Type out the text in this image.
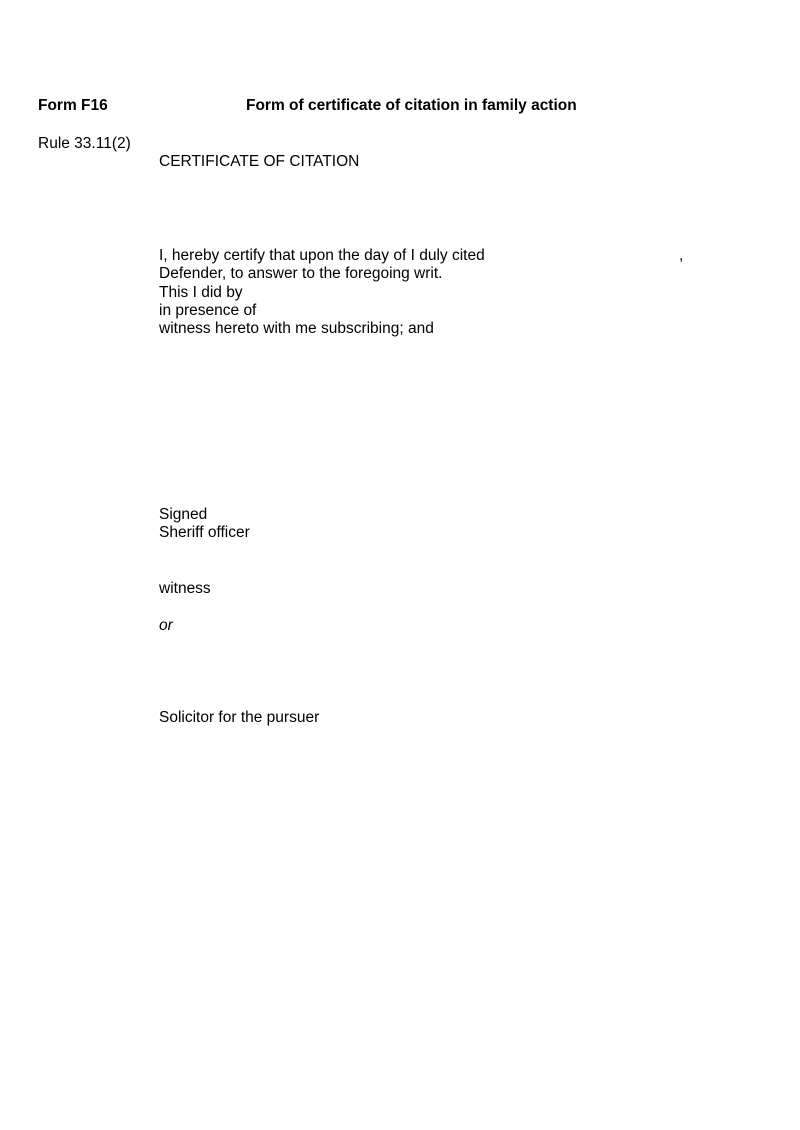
Form F16	Form of certificate of citation in family action
Rule 33.11(2)
CERTIFICATE OF CITATION
I, hereby certify that upon the day of I duly cited	,
Defender, to answer to the foregoing writ.
This I did by
in presence of
witness hereto with me subscribing; and
Signed
Sheriff officer
witness
or
Solicitor for the pursuer
